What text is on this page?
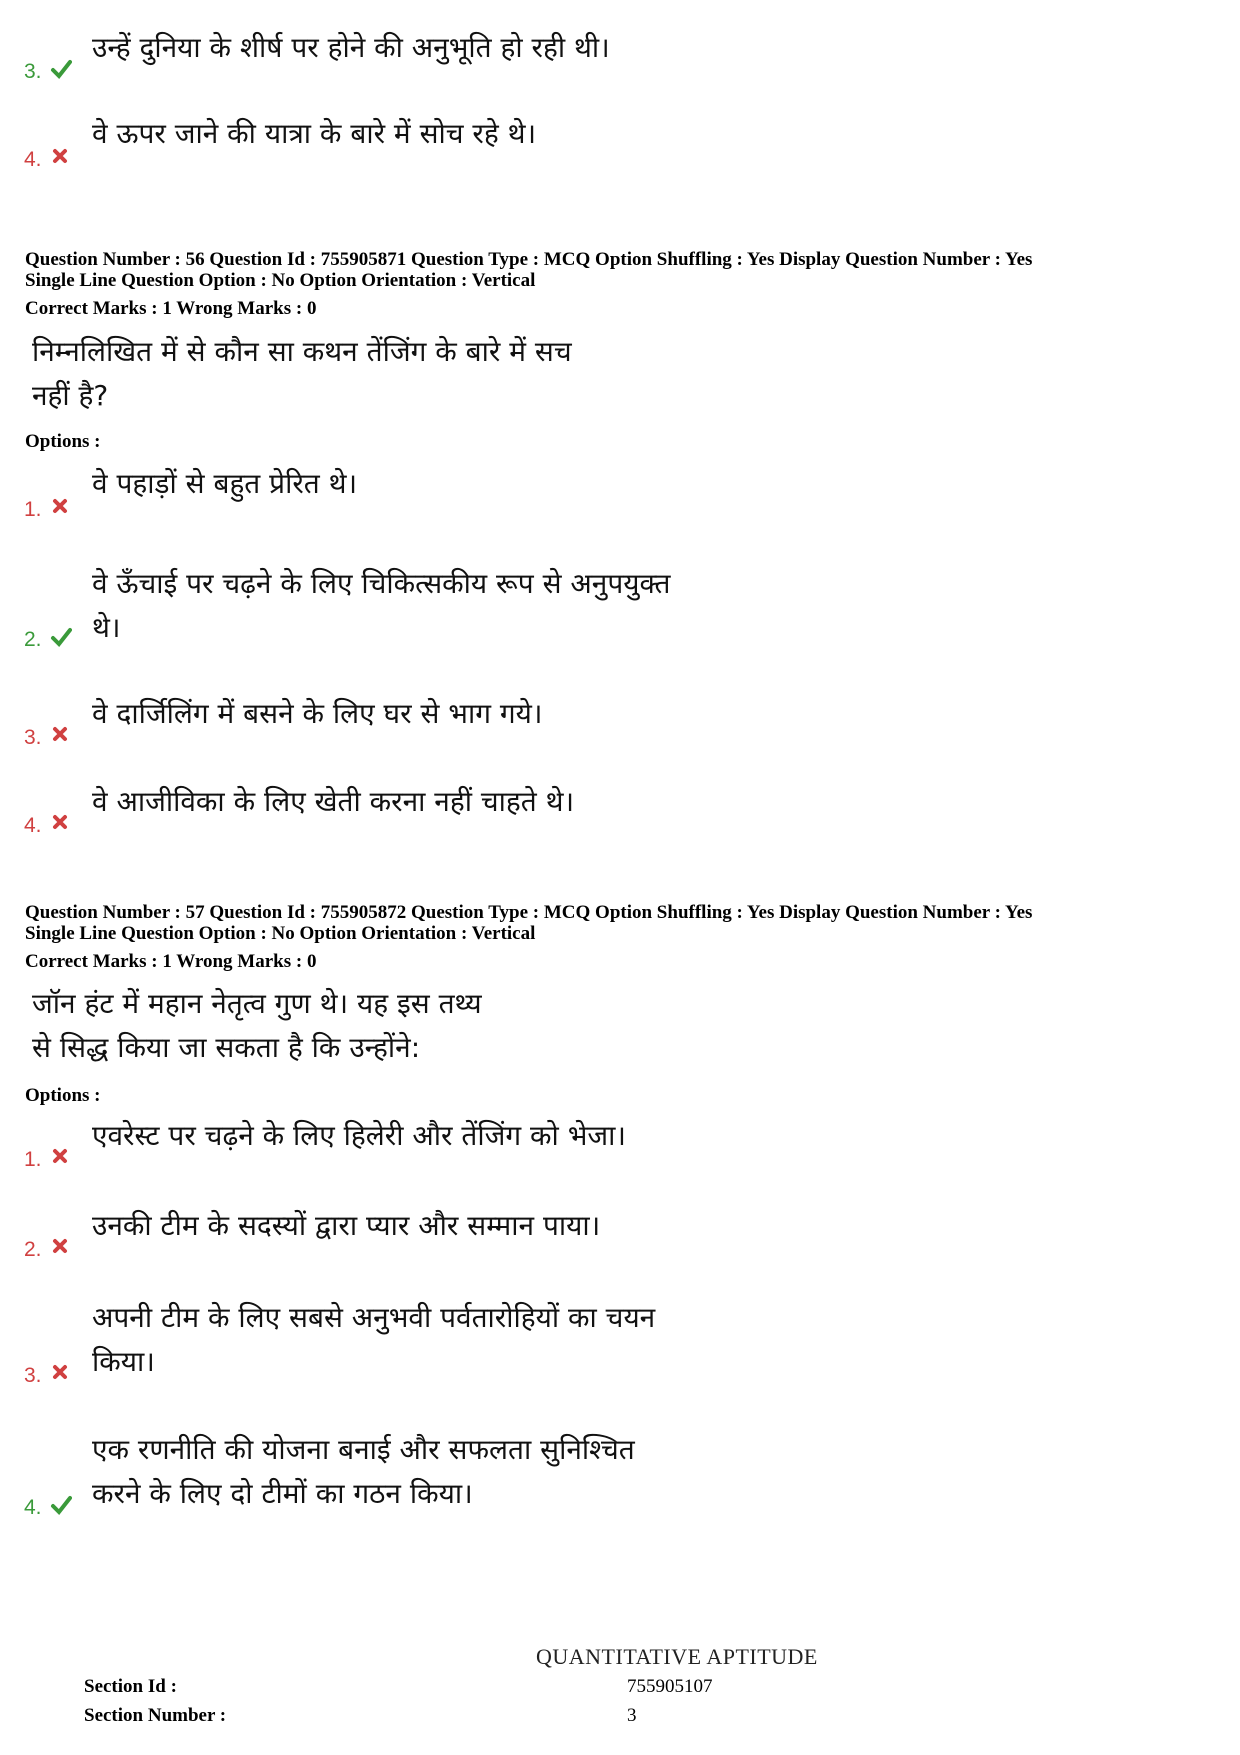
3.
उन्हें दुनिया के शीर्ष पर होने की अनुभूति हो रही थी।
4.
वे ऊपर जाने की यात्रा के बारे में सोच रहे थे।
Question Number : 56 Question Id : 755905871 Question Type : MCQ Option Shuffling : Yes Display Question Number : Yes
Single Line Question Option : No Option Orientation : Vertical
Correct Marks : 1 Wrong Marks : 0
निम्नलिखित में से कौन सा कथन तेंजिंग के बारे में सच
नहीं है?
Options :
1.
वे पहाड़ों से बहुत प्रेरित थे।
2.
वे ऊँचाई पर चढ़ने के लिए चिकित्सकीय रूप से अनुपयुक्त
थे।
3.
वे दार्जिलिंग में बसने के लिए घर से भाग गये।
4.
वे आजीविका के लिए खेती करना नहीं चाहते थे।
Question Number : 57 Question Id : 755905872 Question Type : MCQ Option Shuffling : Yes Display Question Number : Yes
Single Line Question Option : No Option Orientation : Vertical
Correct Marks : 1 Wrong Marks : 0
जॉन हंट में महान नेतृत्व गुण थे। यह इस तथ्य
से सिद्ध किया जा सकता है कि उन्होंने:
Options :
1.
एवरेस्ट पर चढ़ने के लिए हिलेरी और तेंजिंग को भेजा।
2.
उनकी टीम के सदस्यों द्वारा प्यार और सम्मान पाया।
3.
अपनी टीम के लिए सबसे अनुभवी पर्वतारोहियों का चयन
किया।
4.
एक रणनीति की योजना बनाई और सफलता सुनिश्चित
करने के लिए दो टीमों का गठन किया।
QUANTITATIVE APTITUDE
Section Id :	755905107
Section Number :	3
